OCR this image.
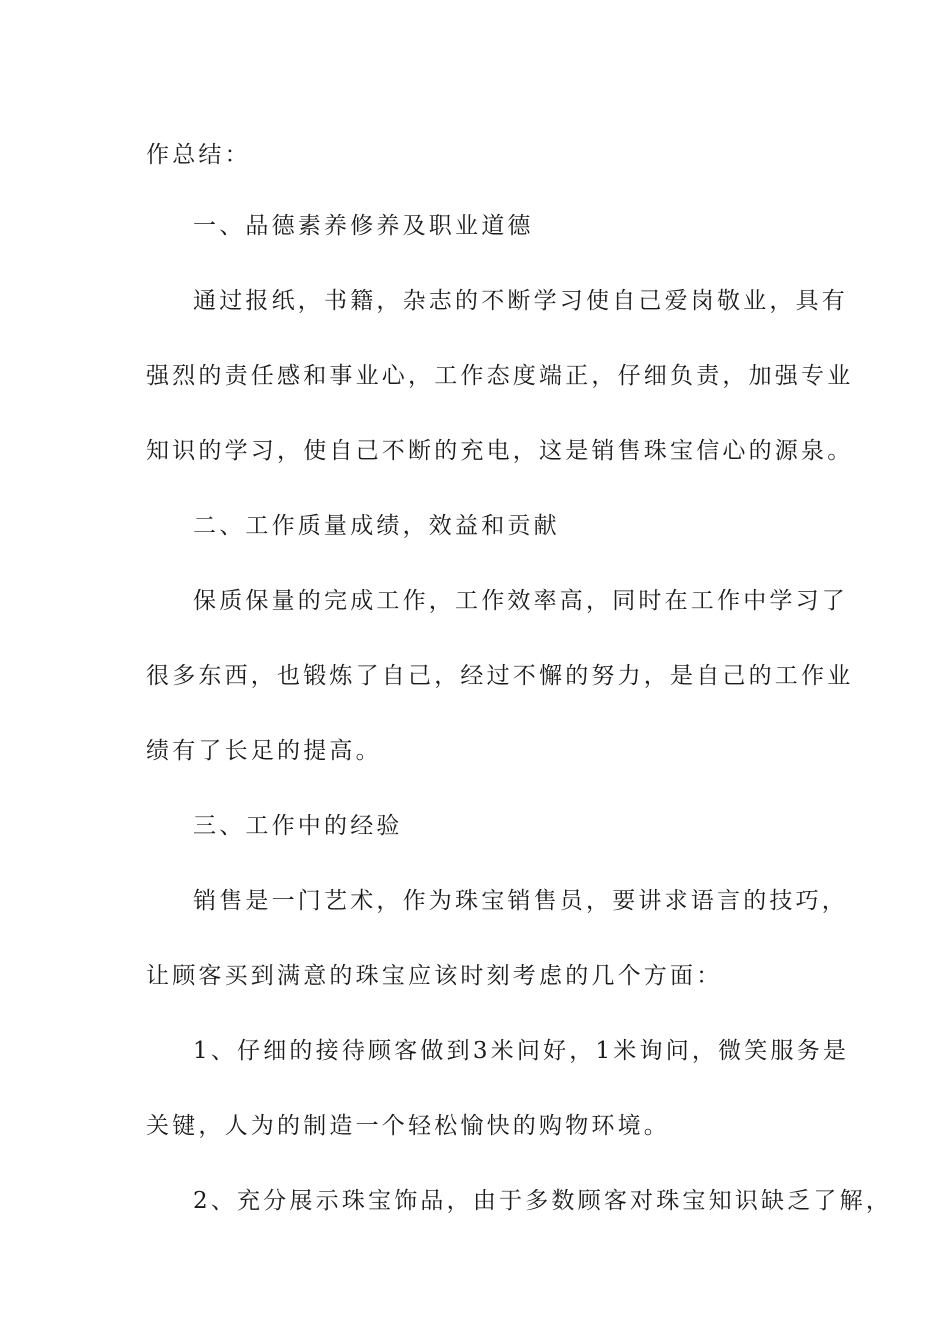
作总结：

一、品德素养修养及职业道德

通过报纸，书籍，杂志的不断学习使自己爱岗敬业，具有

强烈的责任感和事业心，工作态度端正，仔细负责，加强专业

知识的学习，使自己不断的充电，这是销售珠宝信心的源泉。

二、工作质量成绩，效益和贡献

保质保量的完成工作，工作效率高，同时在工作中学习了

很多东西，也锻炼了自己，经过不懈的努力，是自己的工作业

绩有了长足的提高。

三、工作中的经验

销售是一门艺术，作为珠宝销售员，要讲求语言的技巧，

让顾客买到满意的珠宝应该时刻考虑的几个方面：

1、仔细的接待顾客做到3米问好，1米询问，微笑服务是

关键，人为的制造一个轻松愉快的购物环境。

2、充分展示珠宝饰品，由于多数顾客对珠宝知识缺乏了解，
